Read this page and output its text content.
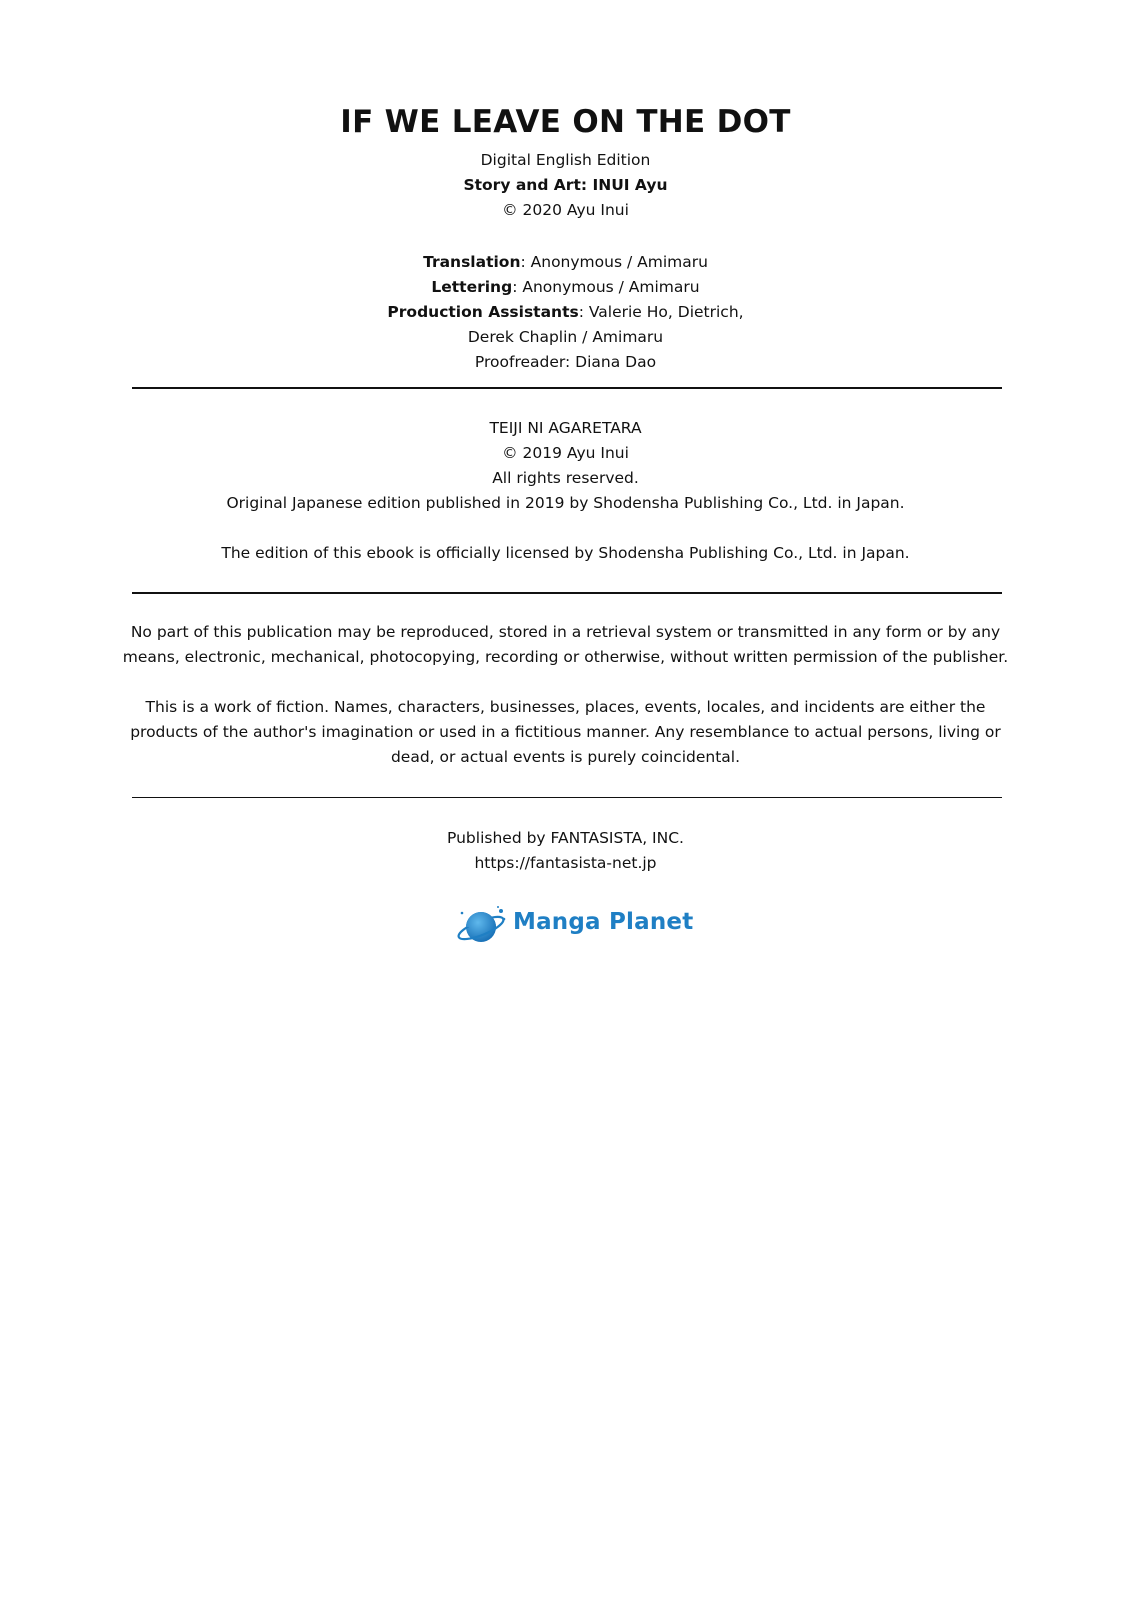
IF WE LEAVE ON THE DOT
Digital English Edition
Story and Art: INUI Ayu
© 2020 Ayu Inui
Translation: Anonymous / Amimaru
Lettering: Anonymous / Amimaru
Production Assistants: Valerie Ho, Dietrich,
Derek Chaplin / Amimaru
Proofreader: Diana Dao
TEIJI NI AGARETARA
© 2019 Ayu Inui
All rights reserved.
Original Japanese edition published in 2019 by Shodensha Publishing Co., Ltd. in Japan.
The edition of this ebook is officially licensed by Shodensha Publishing Co., Ltd. in Japan.
No part of this publication may be reproduced, stored in a retrieval system or transmitted in any form or by any
means, electronic, mechanical, photocopying, recording or otherwise, without written permission of the publisher.
This is a work of fiction. Names, characters, businesses, places, events, locales, and incidents are either the
products of the author's imagination or used in a fictitious manner. Any resemblance to actual persons, living or
dead, or actual events is purely coincidental.
Published by FANTASISTA, INC.
https://fantasista-net.jp
Manga Planet
